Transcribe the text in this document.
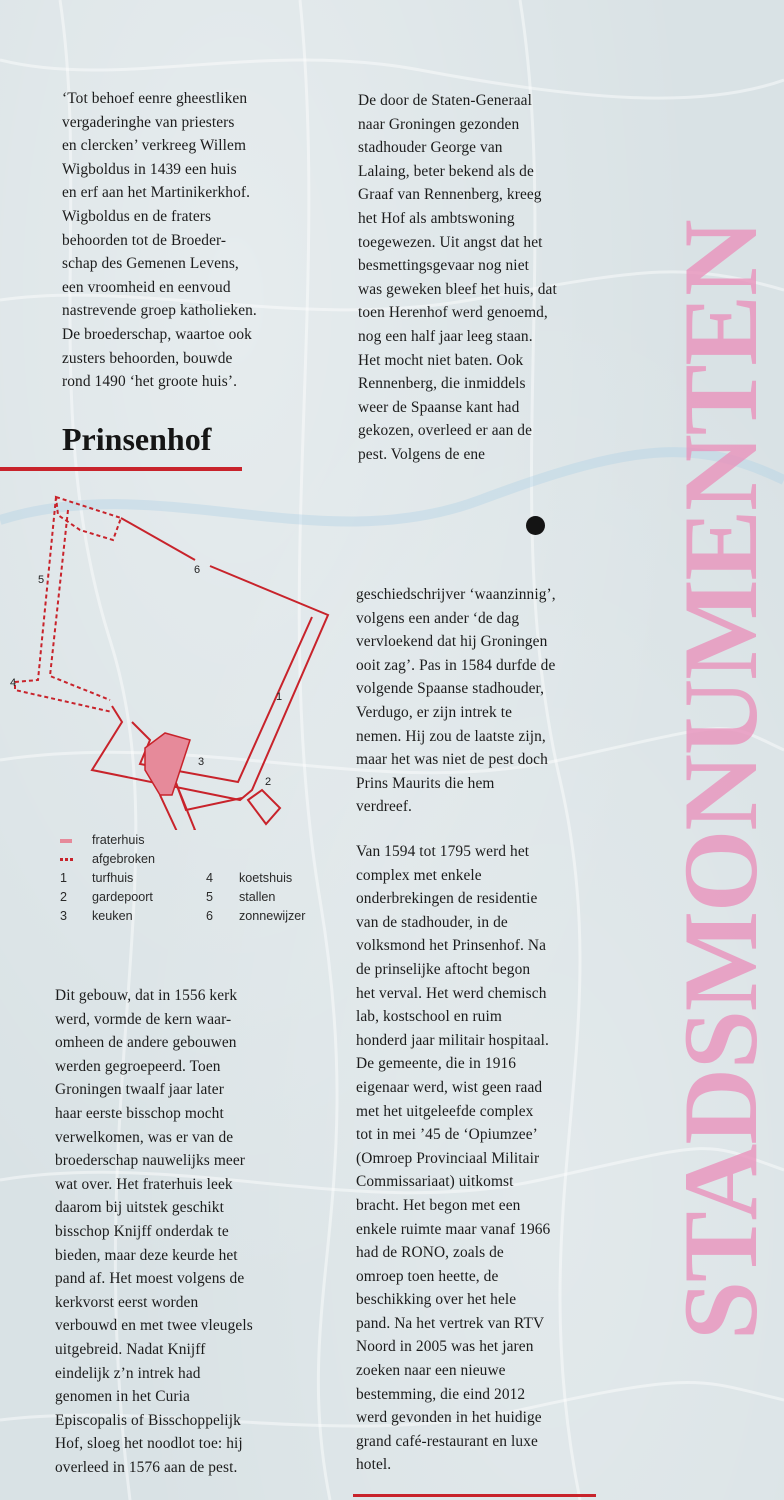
STADSMONUMENTEN

‘Tot behoef eenre gheestliken
vergaderinghe van priesters
en clercken’ verkreeg Willem
Wigboldus in 1439 een huis
en erf aan het Martinikerkhof.
Wigboldus en de fraters
behoorden tot de Broeder-
schap des Gemenen Levens,
een vroomheid en eenvoud
nastrevende groep katholieken.
De broederschap, waartoe ook
zusters behoorden, bouwde
rond 1490 ‘het groote huis’.

De door de Staten-Generaal
naar Groningen gezonden
stadhouder George van
Lalaing, beter bekend als de
Graaf van Rennenberg, kreeg
het Hof als ambtswoning
toegewezen. Uit angst dat het
besmettingsgevaar nog niet
was geweken bleef het huis, dat
toen Herenhof werd genoemd,
nog een half jaar leeg staan.
Het mocht niet baten. Ook
Rennenberg, die inmiddels
weer de Spaanse kant had
gekozen, overleed er aan de
pest. Volgens de ene

Prinsenhof
6
5
4
1
3
2
fraterhuis
afgebroken
1 turfhuis
2 gardepoort
3 keuken
4 koetshuis
5 stallen
6 zonnewijzer

geschiedschrijver ‘waanzinnig’,
volgens een ander ‘de dag
vervloekend dat hij Groningen
ooit zag’. Pas in 1584 durfde de
volgende Spaanse stadhouder,
Verdugo, er zijn intrek te
nemen. Hij zou de laatste zijn,
maar het was niet de pest doch
Prins Maurits die hem
verdreef.

Van 1594 tot 1795 werd het
complex met enkele
onderbrekingen de residentie
van de stadhouder, in de
volksmond het Prinsenhof. Na
de prinselijke aftocht begon
het verval. Het werd chemisch
lab, kostschool en ruim
honderd jaar militair hospitaal.
De gemeente, die in 1916
eigenaar werd, wist geen raad
met het uitgeleefde complex
tot in mei ’45 de ‘Opiumzee’
(Omroep Provinciaal Militair
Commissariaat) uitkomst
bracht. Het begon met een
enkele ruimte maar vanaf 1966
had de RONO, zoals de
omroep toen heette, de
beschikking over het hele
pand. Na het vertrek van RTV
Noord in 2005 was het jaren
zoeken naar een nieuwe
bestemming, die eind 2012
werd gevonden in het huidige
grand café-restaurant en luxe
hotel.

Dit gebouw, dat in 1556 kerk
werd, vormde de kern waar-
omheen de andere gebouwen
werden gegroepeerd. Toen
Groningen twaalf jaar later
haar eerste bisschop mocht
verwelkomen, was er van de
broederschap nauwelijks meer
wat over. Het fraterhuis leek
daarom bij uitstek geschikt
bisschop Knijff onderdak te
bieden, maar deze keurde het
pand af. Het moest volgens de
kerkvorst eerst worden
verbouwd en met twee vleugels
uitgebreid. Nadat Knijff
eindelijk z’n intrek had
genomen in het Curia
Episcopalis of Bisschoppelijk
Hof, sloeg het noodlot toe: hij
overleed in 1576 aan de pest.
